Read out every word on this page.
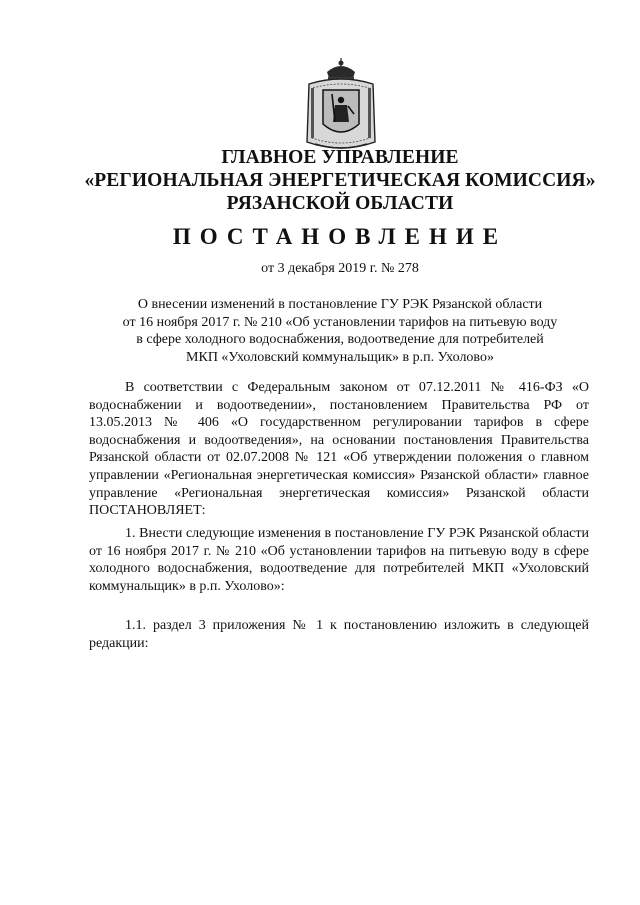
ГЛАВНОЕ УПРАВЛЕНИЕ
«РЕГИОНАЛЬНАЯ ЭНЕРГЕТИЧЕСКАЯ КОМИССИЯ»
РЯЗАНСКОЙ ОБЛАСТИ
ПОСТАНОВЛЕНИЕ
от 3 декабря 2019 г. № 278
О внесении изменений в постановление ГУ РЭК Рязанской области
от 16 ноября 2017 г. № 210 «Об установлении тарифов на питьевую воду
в сфере холодного водоснабжения, водоотведение для потребителей
МКП «Ухоловский коммунальщик» в р.п. Ухолово»
В соответствии с Федеральным законом от 07.12.2011 № 416-ФЗ «О водоснабжении и водоотведении», постановлением Правительства РФ от 13.05.2013 № 406 «О государственном регулировании тарифов в сфере водоснабжения и водоотведения», на основании постановления Правительства Рязанской области от 02.07.2008 № 121 «Об утверждении положения о главном управлении «Региональная энергетическая комиссия» Рязанской области» главное управление «Региональная энергетическая комиссия» Рязанской области ПОСТАНОВЛЯЕТ:
1. Внести следующие изменения в постановление ГУ РЭК Рязанской области от 16 ноября 2017 г. № 210 «Об установлении тарифов на питьевую воду в сфере холодного водоснабжения, водоотведение для потребителей МКП «Ухоловский коммунальщик» в р.п. Ухолово»:
1.1. раздел 3 приложения № 1 к постановлению изложить в следующей редакции:
